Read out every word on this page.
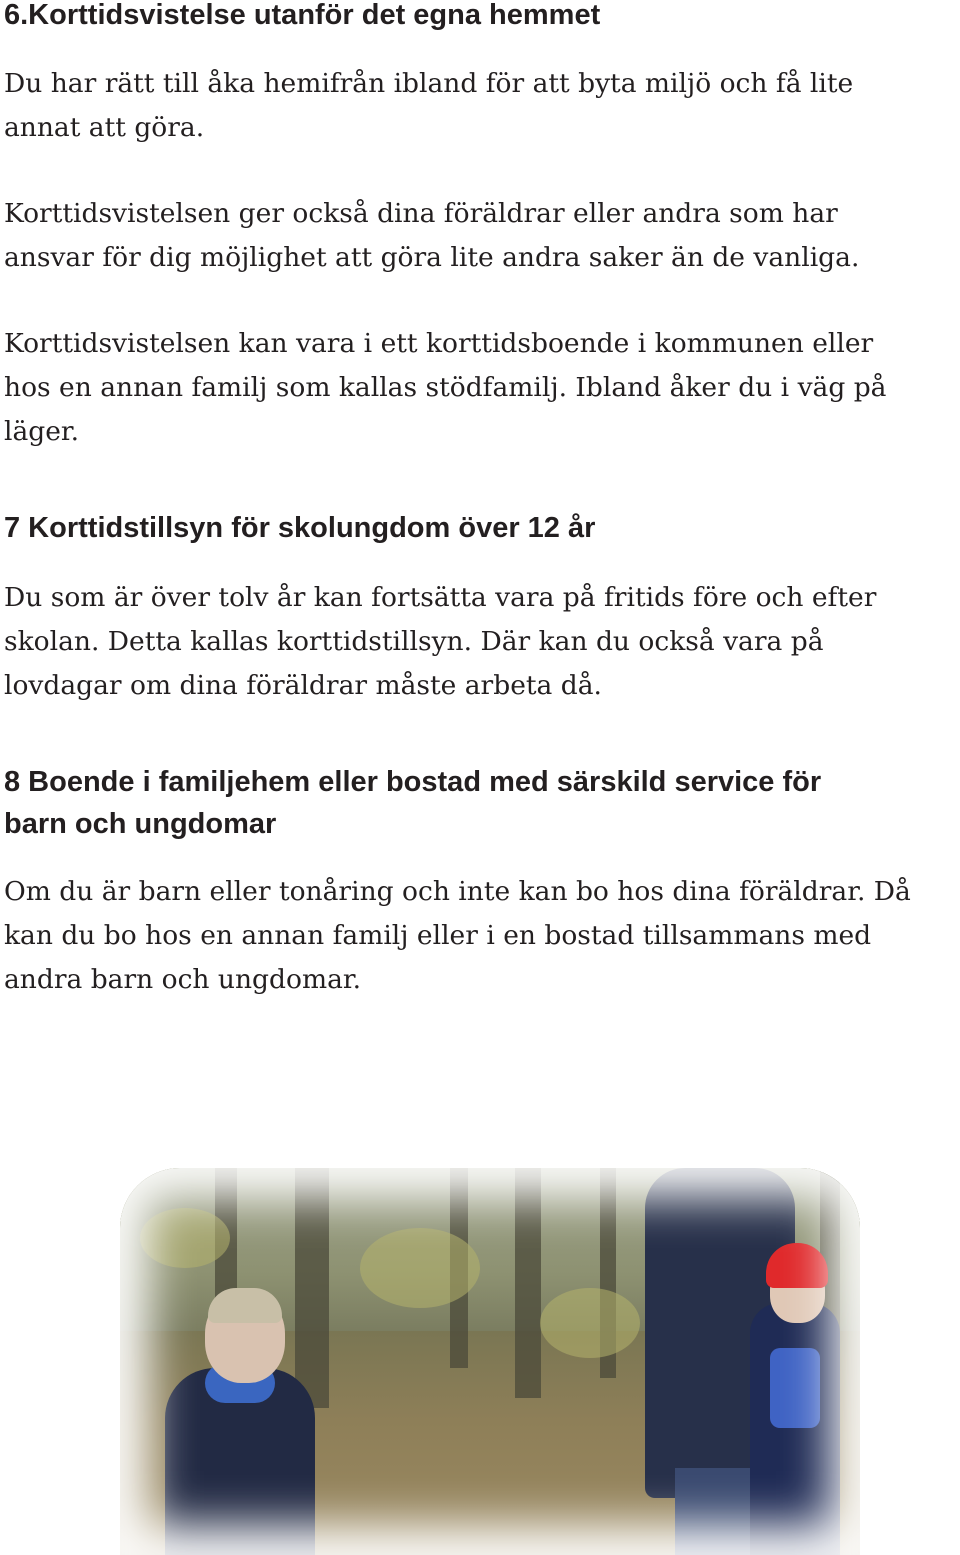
6.Korttidsvistelse utanför det egna hemmet

Du har rätt till åka hemifrån ibland för att byta miljö och få lite
annat att göra.

Korttidsvistelsen ger också dina föräldrar eller andra som har
ansvar för dig möjlighet att göra lite andra saker än de vanliga.

Korttidsvistelsen kan vara i ett korttidsboende i kommunen eller
hos en annan familj som kallas stödfamilj. Ibland åker du i väg på
läger.

7 Korttidstillsyn för skolungdom över 12 år

Du som är över tolv år kan fortsätta vara på fritids före och efter
skolan. Detta kallas korttidstillsyn. Där kan du också vara på
lovdagar om dina föräldrar måste arbeta då.

8 Boende i familjehem eller bostad med särskild service för
barn och ungdomar

Om du är barn eller tonåring och inte kan bo hos dina föräldrar. Då
kan du bo hos en annan familj eller i en bostad tillsammans med
andra barn och ungdomar.
